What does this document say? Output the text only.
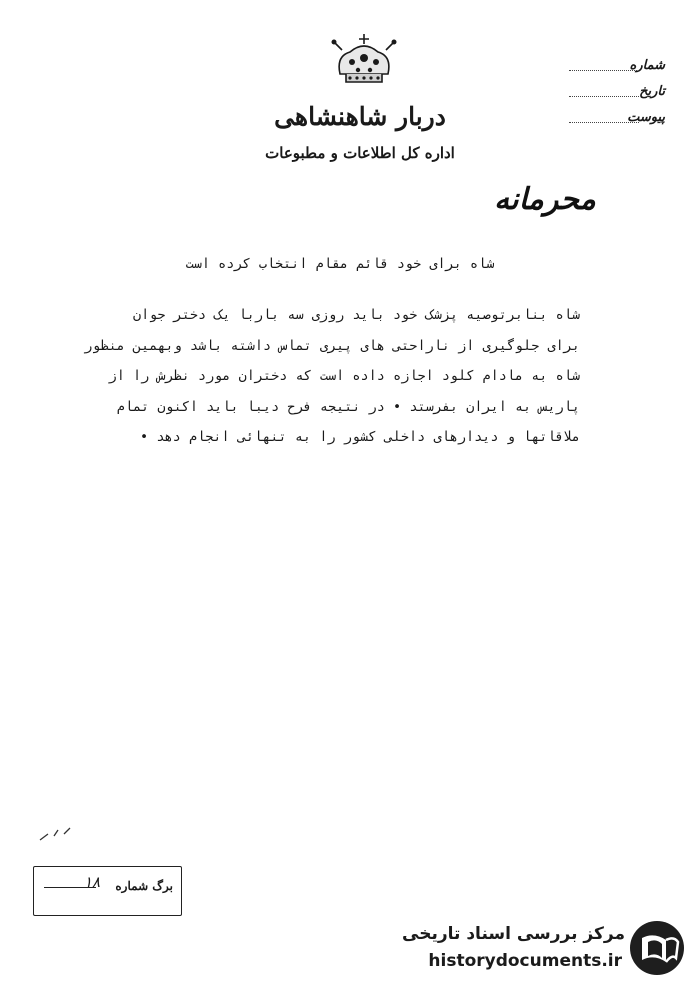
دربار شاهنشاهی
اداره کل اطلاعات و مطبوعات
شماره
تاریخ
پیوست
محرمانه
شاه برای خود قائم مقام انتخاب کرده است
شاه بنابرتوصیه پزشک خود باید روزی سه باربا یک دختر جوان
برای جلوگیری از ناراحتی های پیری تماس داشته باشد وبهمین منظور
شاه به مادام کلود اجازه داده است که دختران مورد نظرش را از
پاریس به ایران بفرستد • در نتیجه فرح دیبا باید اکنون تمام
ملاقاتها و دیدارهای داخلی کشور را به تنهائی انجام دهد •
برگ شماره
۱۸
مرکز بررسی اسناد تاریخی
historydocuments.ir
